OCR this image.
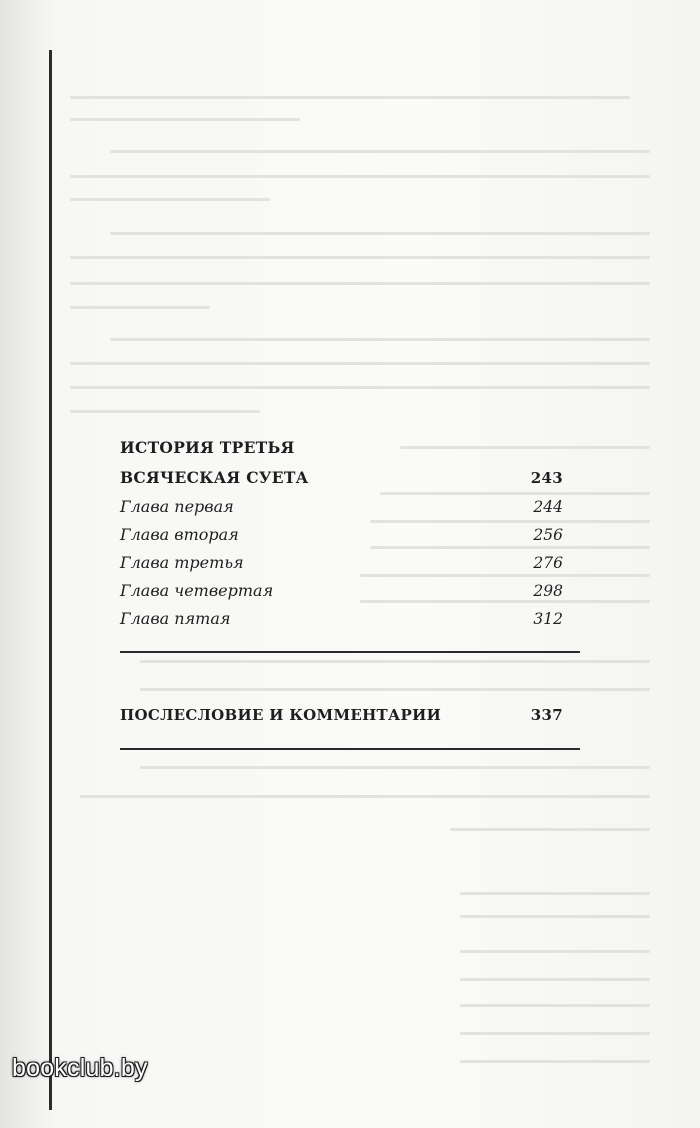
ИСТОРИЯ ТРЕТЬЯ
ВСЯЧЕСКАЯ СУЕТА	243
Глава первая	244
Глава вторая	256
Глава третья	276
Глава четвертая	298
Глава пятая	312
ПОСЛЕСЛОВИЕ И КОММЕНТАРИИ	337
bookclub.by
